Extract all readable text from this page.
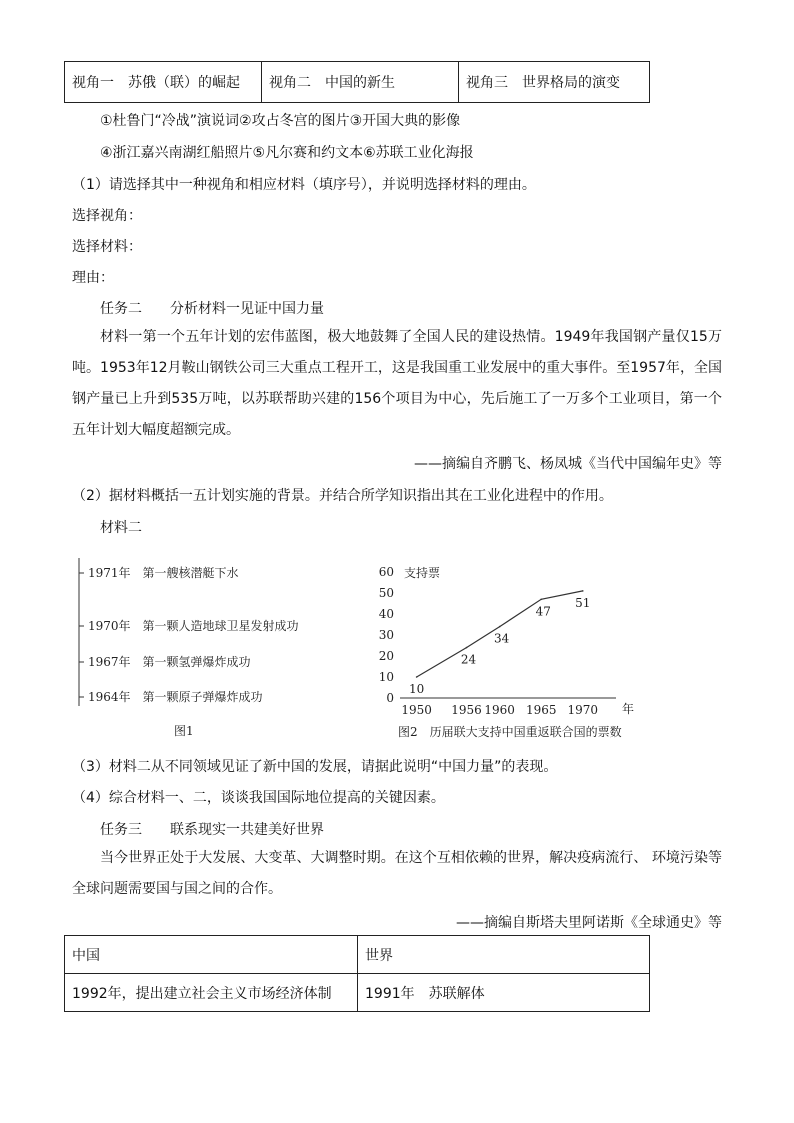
视角一　苏俄（联）的崛起	视角二　中国的新生	视角三　世界格局的演变
①杜鲁门“冷战”演说词②攻占冬宫的图片③开国大典的影像
④浙江嘉兴南湖红船照片⑤凡尔赛和约文本⑥苏联工业化海报
（1）请选择其中一种视角和相应材料（填序号），并说明选择材料的理由。
选择视角：
选择材料：
理由：
任务二　　分析材料一见证中国力量
材料一第一个五年计划的宏伟蓝图，极大地鼓舞了全国人民的建设热情。1949年我国钢产量仅15万吨。1953年12月鞍山钢铁公司三大重点工程开工，这是我国重工业发展中的重大事件。至1957年，全国钢产量已上升到535万吨，以苏联帮助兴建的156个项目为中心，先后施工了一万多个工业项目，第一个五年计划大幅度超额完成。
——摘编自齐鹏飞、杨凤城《当代中国编年史》等
（2）据材料概括一五计划实施的背景。并结合所学知识指出其在工业化进程中的作用。
材料二
1971年　第一艘核潜艇下水
1970年　第一颗人造地球卫星发射成功
1967年　第一颗氢弹爆炸成功
1964年　第一颗原子弹爆炸成功
图1
0
10
20
30
40
50
60
1950 1956 1960 1965 1970
10
24
34
47
51
支持票
年
图2　历届联大支持中国重返联合国的票数
（3）材料二从不同领域见证了新中国的发展，请据此说明“中国力量”的表现。
（4）综合材料一、二，谈谈我国国际地位提高的关键因素。
任务三　　联系现实一共建美好世界
当今世界正处于大发展、大变革、大调整时期。在这个互相依赖的世界，解决疫病流行、 环境污染等全球问题需要国与国之间的合作。
——摘编自斯塔夫里阿诺斯《全球通史》等
中国	世界
1992年，提出建立社会主义市场经济体制	1991年　苏联解体
